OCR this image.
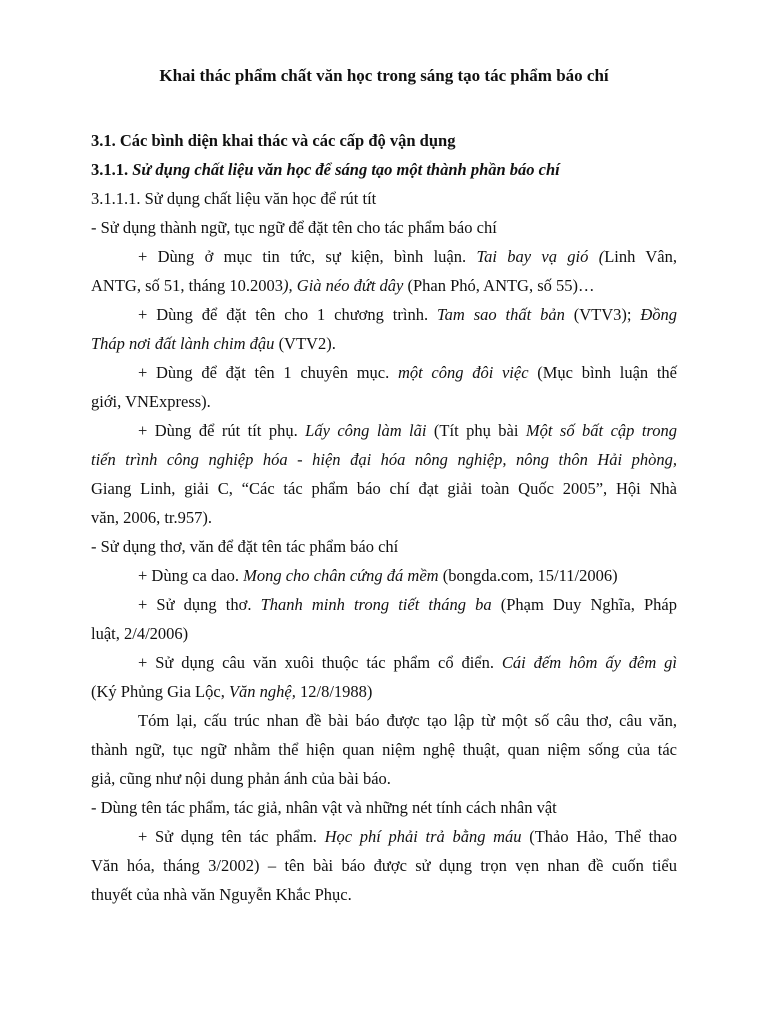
Khai thác phẩm chất văn học trong sáng tạo tác phẩm báo chí
3.1. Các bình diện khai thác và các cấp độ vận dụng
3.1.1. Sử dụng chất liệu văn học để sáng tạo một thành phần báo chí
3.1.1.1. Sử dụng chất liệu văn học để rút tít
- Sử dụng thành ngữ, tục ngữ để đặt tên cho tác phẩm báo chí
+ Dùng ở mục tin tức, sự kiện, bình luận. Tai bay vạ gió (Linh Vân,
ANTG, số 51, tháng 10.2003), Già néo đứt dây (Phan Phó, ANTG, số 55)…
+ Dùng để đặt tên cho 1 chương trình. Tam sao thất bản (VTV3); Đồng
Tháp nơi đất lành chim đậu (VTV2).
+ Dùng để đặt tên 1 chuyên mục. một công đôi việc (Mục bình luận thế
giới, VNExpress).
+ Dùng để rút tít phụ. Lấy công làm lãi (Tít phụ bài Một số bất cập trong
tiến trình công nghiệp hóa - hiện đại hóa nông nghiệp, nông thôn Hải phòng,
Giang Linh, giải C, “Các tác phẩm báo chí đạt giải toàn Quốc 2005”, Hội Nhà
văn, 2006, tr.957).
- Sử dụng thơ, văn để đặt tên tác phẩm báo chí
+ Dùng ca dao. Mong cho chân cứng đá mềm (bongda.com, 15/11/2006)
+ Sử dụng thơ. Thanh minh trong tiết tháng ba (Phạm Duy Nghĩa, Pháp
luật, 2/4/2006)
+ Sử dụng câu văn xuôi thuộc tác phẩm cổ điển. Cái đếm hôm ấy đêm gì
(Ký Phủng Gia Lộc, Văn nghệ, 12/8/1988)
Tóm lại, cấu trúc nhan đề bài báo được tạo lập từ một số câu thơ, câu văn,
thành ngữ, tục ngữ nhằm thể hiện quan niệm nghệ thuật, quan niệm sống của tác
giả, cũng như nội dung phản ánh của bài báo.
- Dùng tên tác phẩm, tác giả, nhân vật và những nét tính cách nhân vật
+ Sử dụng tên tác phẩm. Học phí phải trả bằng máu (Thảo Hảo, Thể thao
Văn hóa, tháng 3/2002) – tên bài báo được sử dụng trọn vẹn nhan đề cuốn tiểu
thuyết của nhà văn Nguyễn Khắc Phục.
